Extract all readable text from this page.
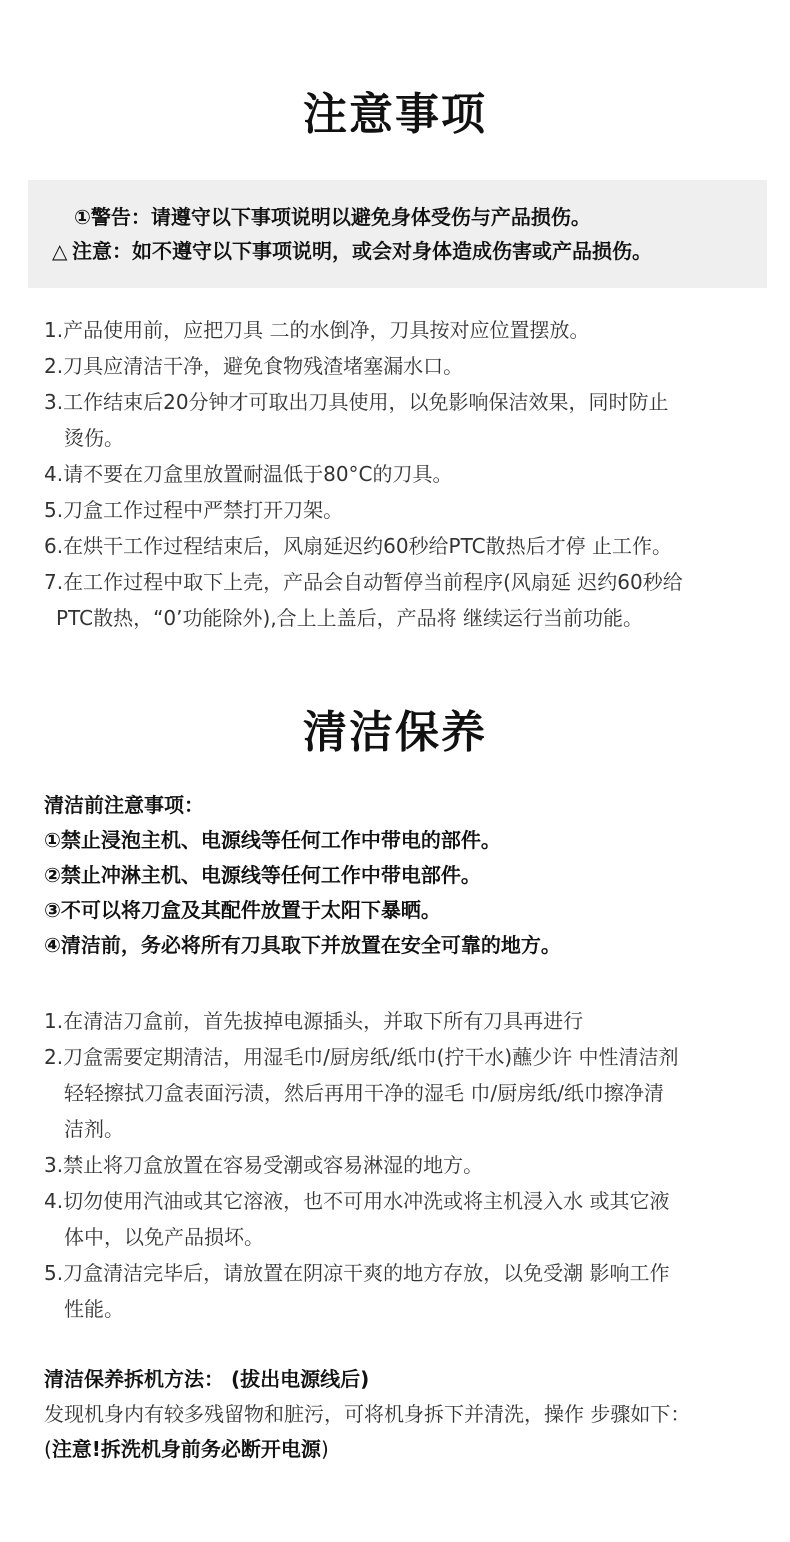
注意事项
①警告：请遵守以下事项说明以避免身体受伤与产品损伤。
△ 注意：如不遵守以下事项说明，或会对身体造成伤害或产品损伤。
1.产品使用前，应把刀具 二的水倒净，刀具按对应位置摆放。
2.刀具应清洁干净，避免食物残渣堵塞漏水口。
3.工作结束后20分钟才可取出刀具使用，以免影响保洁效果，同时防止
烫伤。
4.请不要在刀盒里放置耐温低于80°C的刀具。
5.刀盒工作过程中严禁打开刀架。
6.在烘干工作过程结束后，风扇延迟约60秒给PTC散热后才停 止工作。
7.在工作过程中取下上壳，产品会自动暂停当前程序(风扇延 迟约60秒给
PTC散热，“0’功能除外),合上上盖后，产品将 继续运行当前功能。
清洁保养
清洁前注意事项：
①禁止浸泡主机、电源线等任何工作中带电的部件。
②禁止冲淋主机、电源线等任何工作中带电部件。
③不可以将刀盒及其配件放置于太阳下暴晒。
④清洁前，务必将所有刀具取下并放置在安全可靠的地方。
1.在清洁刀盒前，首先拔掉电源插头，并取下所有刀具再进行
2.刀盒需要定期清洁，用湿毛巾/厨房纸/纸巾(拧干水)蘸少许 中性清洁剂
轻轻擦拭刀盒表面污渍，然后再用干净的湿毛 巾/厨房纸/纸巾擦净清
洁剂。
3.禁止将刀盒放置在容易受潮或容易淋湿的地方。
4.切勿使用汽油或其它溶液，也不可用水冲洗或将主机浸入水 或其它液
体中，以免产品损坏。
5.刀盒清洁完毕后，请放置在阴凉干爽的地方存放，以免受潮 影响工作
性能。
清洁保养拆机方法： (拔出电源线后)
发现机身内有较多残留物和脏污，可将机身拆下并清洗，操作 步骤如下：
(注意!拆洗机身前务必断开电源)
